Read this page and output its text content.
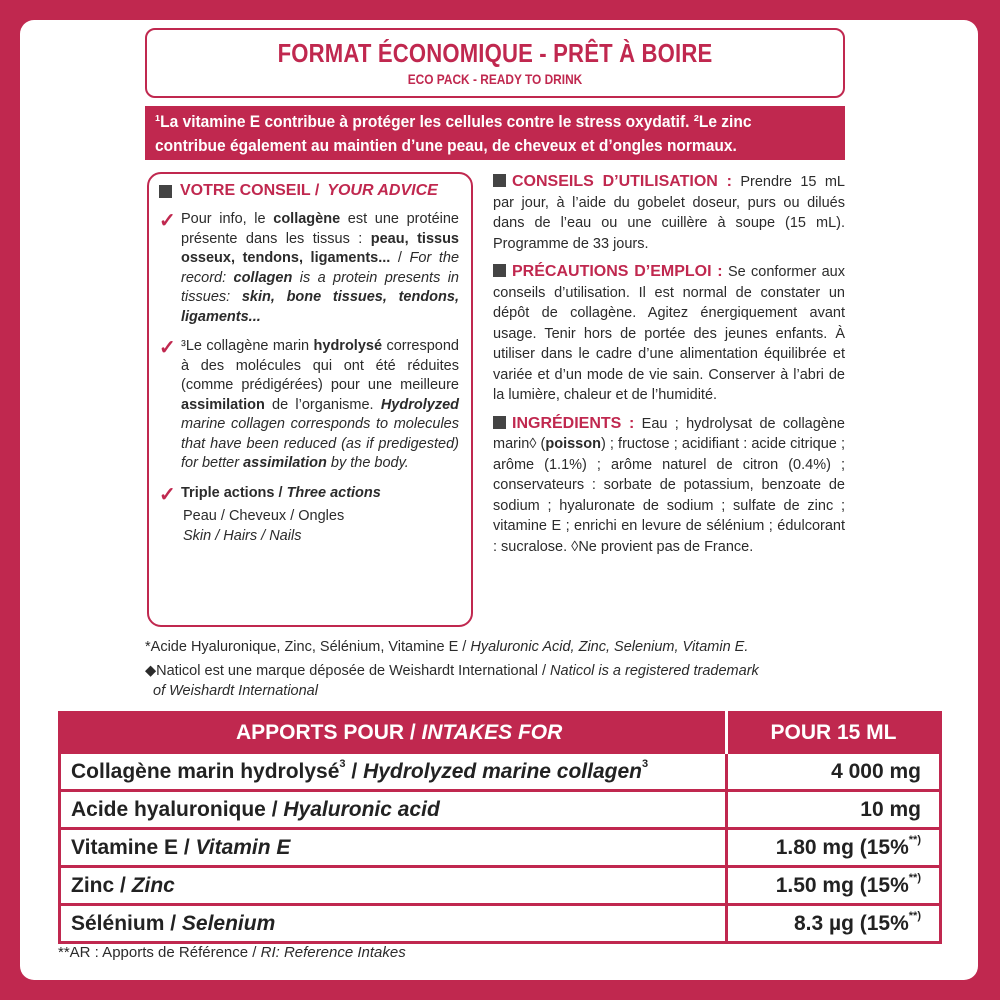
FORMAT ÉCONOMIQUE - PRÊT À BOIRE
ECO PACK - READY TO DRINK
¹La vitamine E contribue à protéger les cellules contre le stress oxydatif. ²Le zinc
contribue également au maintien d’une peau, de cheveux et d’ongles normaux.
VOTRE CONSEIL / YOUR ADVICE
✓ Pour info, le collagène est une protéine présente dans les tissus : peau, tissus osseux, tendons, ligaments... / For the record: collagen is a protein presents in tissues: skin, bone tissues, tendons, ligaments...
✓ ³Le collagène marin hydrolysé correspond à des molécules qui ont été réduites (comme prédigérées) pour une meilleure assimilation de l’organisme. Hydrolyzed marine collagen corresponds to molecules that have been reduced (as if predigested) for better assimilation by the body.
✓ Triple actions / Three actions
Peau / Cheveux / Ongles
Skin / Hairs / Nails

CONSEILS D’UTILISATION : Prendre 15 mL par jour, à l’aide du gobelet doseur, purs ou dilués dans de l’eau ou une cuillère à soupe (15 mL). Programme de 33 jours.

PRÉCAUTIONS D’EMPLOI : Se conformer aux conseils d’utilisation. Il est normal de constater un dépôt de collagène. Agitez énergiquement avant usage. Tenir hors de portée des jeunes enfants. À utiliser dans le cadre d’une alimentation équilibrée et variée et d’un mode de vie sain. Conserver à l’abri de la lumière, chaleur et de l’humidité.

INGRÉDIENTS : Eau ; hydrolysat de collagène marin◊ (poisson) ; fructose ; acidifiant : acide citrique ; arôme (1.1%) ; arôme naturel de citron (0.4%) ; conservateurs : sorbate de potassium, benzoate de sodium ; hyaluronate de sodium ; sulfate de zinc ; vitamine E ; enrichi en levure de sélénium ; édulcorant : sucralose. ◊Ne provient pas de France.

*Acide Hyaluronique, Zinc, Sélénium, Vitamine E / Hyaluronic Acid, Zinc, Selenium, Vitamin E.
◆Naticol est une marque déposée de Weishardt International / Naticol is a registered trademark
of Weishardt International
APPORTS POUR / INTAKES FOR	POUR 15 ML
Collagène marin hydrolysé$^3$ / Hydrolyzed marine collagen$^3$	4 000 mg
Acide hyaluronique / Hyaluronic acid	10 mg
Vitamine E / Vitamin E	1.80 mg (15%**)
Zinc / Zinc	1.50 mg (15%**)
Sélénium / Selenium	8.3 µg (15%**)
**AR : Apports de Référence / RI: Reference Intakes
